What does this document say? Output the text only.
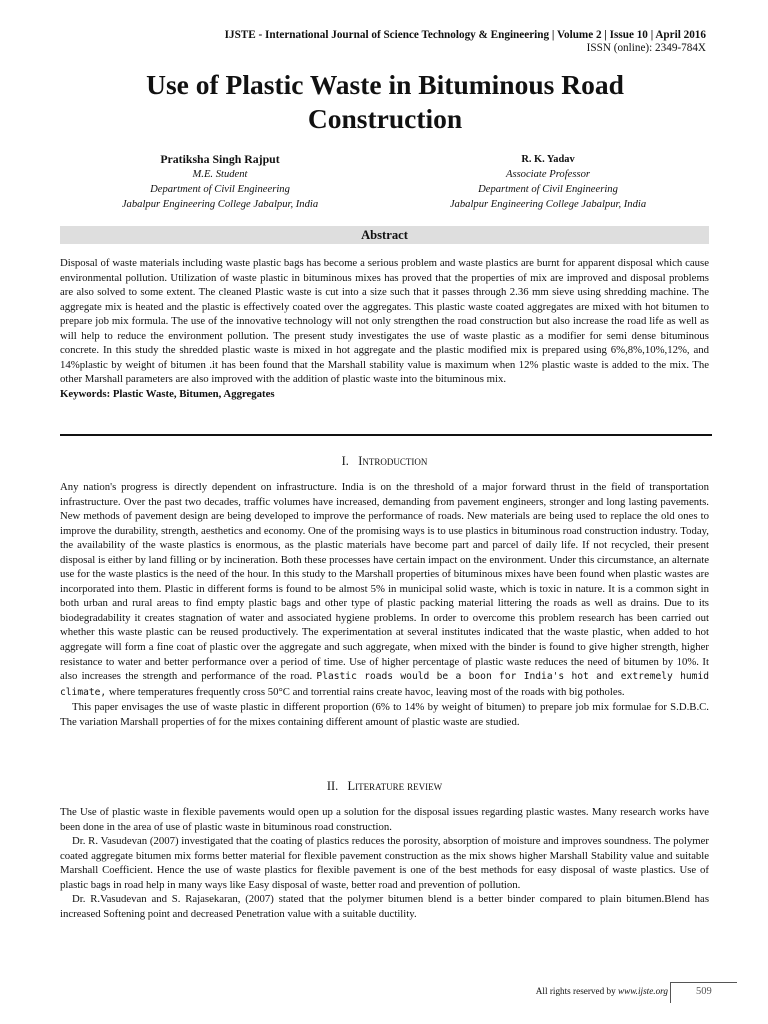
IJSTE - International Journal of Science Technology & Engineering | Volume 2 | Issue 10 | April 2016
ISSN (online): 2349-784X
Use of Plastic Waste in Bituminous Road
Construction
Pratiksha Singh Rajput
M.E. Student
Department of Civil Engineering
Jabalpur Engineering College Jabalpur, India
R. K. Yadav
Associate Professor
Department of Civil Engineering
Jabalpur Engineering College Jabalpur, India
Abstract
Disposal of waste materials including waste plastic bags has become a serious problem and waste plastics are burnt for apparent disposal which cause environmental pollution. Utilization of waste plastic in bituminous mixes has proved that the properties of mix are improved and disposal problems are also solved to some extent. The cleaned Plastic waste is cut into a size such that it passes through 2.36 mm sieve using shredding machine. The aggregate mix is heated and the plastic is effectively coated over the aggregates. This plastic waste coated aggregates are mixed with hot bitumen to prepare job mix formula. The use of the innovative technology will not only strengthen the road construction but also increase the road life as well as will help to reduce the environment pollution. The present study investigates the use of waste plastic as a modifier for semi dense bituminous concrete. In this study the shredded plastic waste is mixed in hot aggregate and the plastic modified mix is prepared using 6%,8%,10%,12%, and 14%plastic by weight of bitumen .it has been found that the Marshall stability value is maximum when 12% plastic waste is added to the mix. The other Marshall parameters are also improved with the addition of plastic waste into the bituminous mix.
Keywords: Plastic Waste, Bitumen, Aggregates
I. Introduction

Any nation's progress is directly dependent on infrastructure. India is on the threshold of a major forward thrust in the field of transportation infrastructure. Over the past two decades, traffic volumes have increased, demanding from pavement engineers, stronger and long lasting pavements. New methods of pavement design are being developed to improve the performance of roads. New materials are being used to replace the old ones to improve the durability, strength, aesthetics and economy. One of the promising ways is to use plastics in bituminous road construction industry. Today, the availability of the waste plastics is enormous, as the plastic materials have become part and parcel of daily life. If not recycled, their present disposal is either by land filling or by incineration. Both these processes have certain impact on the environment. Under this circumstance, an alternate use for the waste plastics is the need of the hour. In this study to the Marshall properties of bituminous mixes have been found when plastic wastes are incorporated into them. Plastic in different forms is found to be almost 5% in municipal solid waste, which is toxic in nature. It is a common sight in both urban and rural areas to find empty plastic bags and other type of plastic packing material littering the roads as well as drains. Due to its biodegradability it creates stagnation of water and associated hygiene problems. In order to overcome this problem research has been carried out whether this waste plastic can be reused productively. The experimentation at several institutes indicated that the waste plastic, when added to hot aggregate will form a fine coat of plastic over the aggregate and such aggregate, when mixed with the binder is found to give higher strength, higher resistance to water and better performance over a period of time. Use of higher percentage of plastic waste reduces the need of bitumen by 10%. It also increases the strength and performance of the road. Plastic roads would be a boon for India's hot and extremely humid climate, where temperatures frequently cross 50°C and torrential rains create havoc, leaving most of the roads with big potholes.

This paper envisages the use of waste plastic in different proportion (6% to 14% by weight of bitumen) to prepare job mix formulae for S.D.B.C. The variation Marshall properties of for the mixes containing different amount of plastic waste are studied.

II. Literature review

The Use of plastic waste in flexible pavements would open up a solution for the disposal issues regarding plastic wastes. Many research works have been done in the area of use of plastic waste in bituminous road construction.

Dr. R. Vasudevan (2007) investigated that the coating of plastics reduces the porosity, absorption of moisture and improves soundness. The polymer coated aggregate bitumen mix forms better material for flexible pavement construction as the mix shows higher Marshall Stability value and suitable Marshall Coefficient. Hence the use of waste plastics for flexible pavement is one of the best methods for easy disposal of waste plastics. Use of plastic bags in road help in many ways like Easy disposal of waste, better road and prevention of pollution.

Dr. R.Vasudevan and S. Rajasekaran, (2007) stated that the polymer bitumen blend is a better binder compared to plain bitumen.Blend has increased Softening point and decreased Penetration value with a suitable ductility.

All rights reserved by www.ijste.org	509
